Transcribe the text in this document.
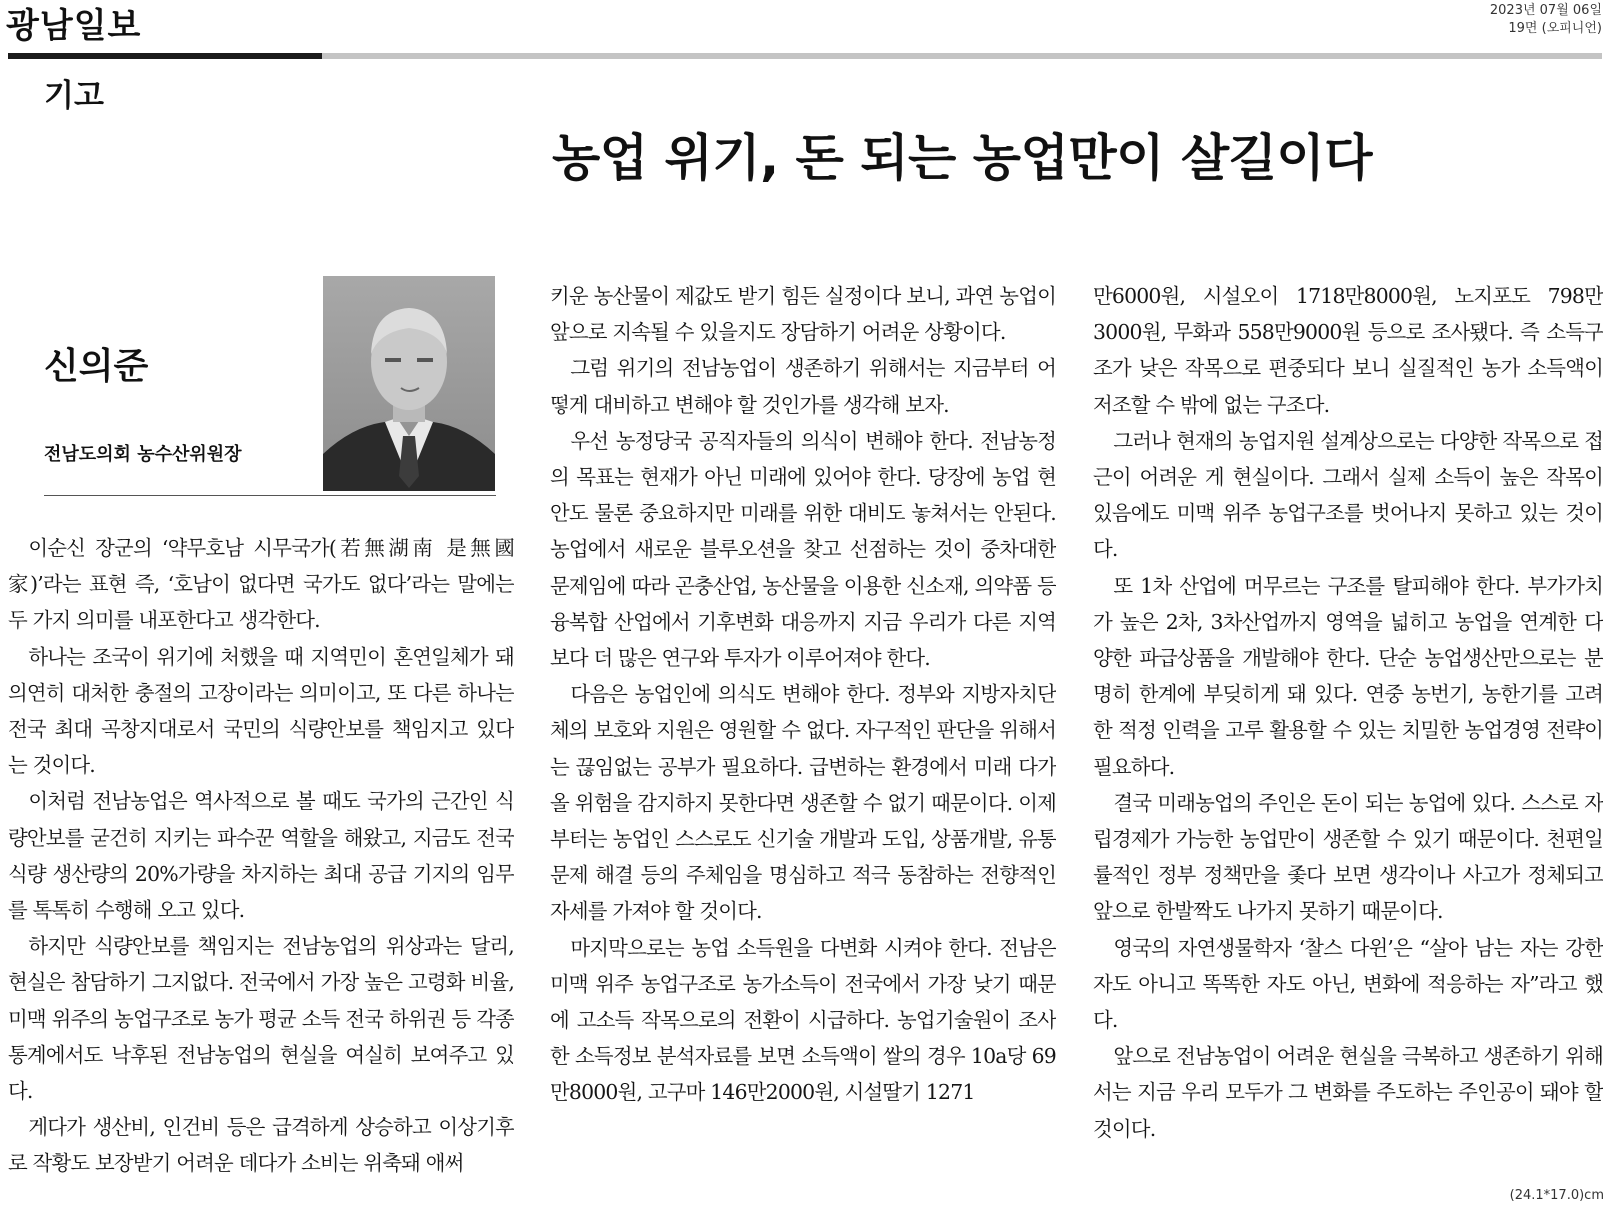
광남일보	2023년 07월 06일
19면 (오피니언)
기고
농업 위기, 돈 되는 농업만이 살길이다
신의준
전남도의회 농수산위원장

이순신 장군의 ‘약무호남 시무국가(若無湖南 是無國家)’라는 표현 즉, ‘호남이 없다면 국가도 없다’라는 말에는 두 가지 의미를 내포한다고 생각한다.

하나는 조국이 위기에 처했을 때 지역민이 혼연일체가 돼 의연히 대처한 충절의 고장이라는 의미이고, 또 다른 하나는 전국 최대 곡창지대로서 국민의 식량안보를 책임지고 있다는 것이다.

이처럼 전남농업은 역사적으로 볼 때도 국가의 근간인 식량안보를 굳건히 지키는 파수꾼 역할을 해왔고, 지금도 전국 식량 생산량의 20%가량을 차지하는 최대 공급 기지의 임무를 톡톡히 수행해 오고 있다.

하지만 식량안보를 책임지는 전남농업의 위상과는 달리, 현실은 참담하기 그지없다. 전국에서 가장 높은 고령화 비율, 미맥 위주의 농업구조로 농가 평균 소득 전국 하위권 등 각종 통계에서도 낙후된 전남농업의 현실을 여실히 보여주고 있다.

게다가 생산비, 인건비 등은 급격하게 상승하고 이상기후로 작황도 보장받기 어려운 데다가 소비는 위축돼 애써

키운 농산물이 제값도 받기 힘든 실정이다 보니, 과연 농업이 앞으로 지속될 수 있을지도 장담하기 어려운 상황이다.

그럼 위기의 전남농업이 생존하기 위해서는 지금부터 어떻게 대비하고 변해야 할 것인가를 생각해 보자.

우선 농정당국 공직자들의 의식이 변해야 한다. 전남농정의 목표는 현재가 아닌 미래에 있어야 한다. 당장에 농업 현안도 물론 중요하지만 미래를 위한 대비도 놓쳐서는 안된다. 농업에서 새로운 블루오션을 찾고 선점하는 것이 중차대한 문제임에 따라 곤충산업, 농산물을 이용한 신소재, 의약품 등 융복합 산업에서 기후변화 대응까지 지금 우리가 다른 지역보다 더 많은 연구와 투자가 이루어져야 한다.

다음은 농업인에 의식도 변해야 한다. 정부와 지방자치단체의 보호와 지원은 영원할 수 없다. 자구적인 판단을 위해서는 끊임없는 공부가 필요하다. 급변하는 환경에서 미래 다가올 위험을 감지하지 못한다면 생존할 수 없기 때문이다. 이제부터는 농업인 스스로도 신기술 개발과 도입, 상품개발, 유통문제 해결 등의 주체임을 명심하고 적극 동참하는 전향적인 자세를 가져야 할 것이다.

마지막으로는 농업 소득원을 다변화 시켜야 한다. 전남은 미맥 위주 농업구조로 농가소득이 전국에서 가장 낮기 때문에 고소득 작목으로의 전환이 시급하다. 농업기술원이 조사한 소득정보 분석자료를 보면 소득액이 쌀의 경우 10a당 69만8000원, 고구마 146만2000원, 시설딸기 1271

만6000원, 시설오이 1718만8000원, 노지포도 798만3000원, 무화과 558만9000원 등으로 조사됐다. 즉 소득구조가 낮은 작목으로 편중되다 보니 실질적인 농가 소득액이 저조할 수 밖에 없는 구조다.

그러나 현재의 농업지원 설계상으로는 다양한 작목으로 접근이 어려운 게 현실이다. 그래서 실제 소득이 높은 작목이 있음에도 미맥 위주 농업구조를 벗어나지 못하고 있는 것이다.

또 1차 산업에 머무르는 구조를 탈피해야 한다. 부가가치가 높은 2차, 3차산업까지 영역을 넓히고 농업을 연계한 다양한 파급상품을 개발해야 한다. 단순 농업생산만으로는 분명히 한계에 부딪히게 돼 있다. 연중 농번기, 농한기를 고려한 적정 인력을 고루 활용할 수 있는 치밀한 농업경영 전략이 필요하다.

결국 미래농업의 주인은 돈이 되는 농업에 있다. 스스로 자립경제가 가능한 농업만이 생존할 수 있기 때문이다. 천편일률적인 정부 정책만을 좇다 보면 생각이나 사고가 정체되고 앞으로 한발짝도 나가지 못하기 때문이다.

영국의 자연생물학자 ‘찰스 다윈’은 “살아 남는 자는 강한 자도 아니고 똑똑한 자도 아닌, 변화에 적응하는 자”라고 했다.

앞으로 전남농업이 어려운 현실을 극복하고 생존하기 위해서는 지금 우리 모두가 그 변화를 주도하는 주인공이 돼야 할 것이다.

(24.1*17.0)cm
